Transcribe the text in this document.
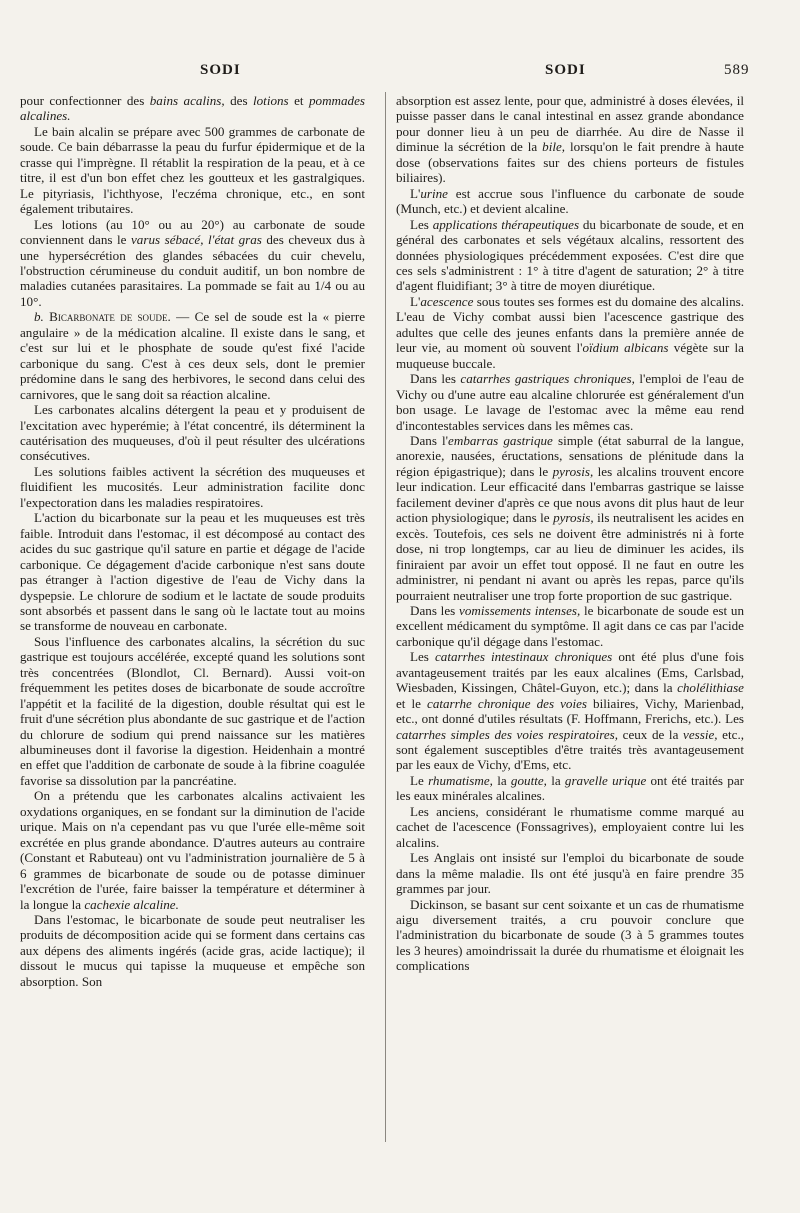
SODI	SODI	589

pour confectionner des bains acalins, des lotions et pommades alcalines.

Le bain alcalin se prépare avec 500 grammes de carbonate de soude. Ce bain débarrasse la peau du furfur épidermique et de la crasse qui l'imprègne. Il rétablit la respiration de la peau, et à ce titre, il est d'un bon effet chez les goutteux et les gastralgiques. Le pityriasis, l'ichthyose, l'eczéma chronique, etc., en sont également tributaires.

Les lotions (au 10° ou au 20°) au carbonate de soude conviennent dans le varus sébacé, l'état gras des cheveux dus à une hypersécrétion des glandes sébacées du cuir chevelu, l'obstruction cérumineuse du conduit auditif, un bon nombre de maladies cutanées parasitaires. La pommade se fait au 1/4 ou au 10°.

b. Bicarbonate de soude. — Ce sel de soude est la « pierre angulaire » de la médication alcaline. Il existe dans le sang, et c'est sur lui et le phosphate de soude qu'est fixé l'acide carbonique du sang. C'est à ces deux sels, dont le premier prédomine dans le sang des herbivores, le second dans celui des carnivores, que le sang doit sa réaction alcaline.

Les carbonates alcalins détergent la peau et y produisent de l'excitation avec hyperémie; à l'état concentré, ils déterminent la cautérisation des muqueuses, d'où il peut résulter des ulcérations consécutives.

Les solutions faibles activent la sécrétion des muqueuses et fluidifient les mucosités. Leur administration facilite donc l'expectoration dans les maladies respiratoires.

L'action du bicarbonate sur la peau et les muqueuses est très faible. Introduit dans l'estomac, il est décomposé au contact des acides du suc gastrique qu'il sature en partie et dégage de l'acide carbonique. Ce dégagement d'acide carbonique n'est sans doute pas étranger à l'action digestive de l'eau de Vichy dans la dyspepsie. Le chlorure de sodium et le lactate de soude produits sont absorbés et passent dans le sang où le lactate tout au moins se transforme de nouveau en carbonate.

Sous l'influence des carbonates alcalins, la sécrétion du suc gastrique est toujours accélérée, excepté quand les solutions sont très concentrées (Blondlot, Cl. Bernard). Aussi voit-on fréquemment les petites doses de bicarbonate de soude accroître l'appétit et la facilité de la digestion, double résultat qui est le fruit d'une sécrétion plus abondante de suc gastrique et de l'action du chlorure de sodium qui prend naissance sur les matières albumineuses dont il favorise la digestion. Heidenhain a montré en effet que l'addition de carbonate de soude à la fibrine coagulée favorise sa dissolution par la pancréatine.

On a prétendu que les carbonates alcalins activaient les oxydations organiques, en se fondant sur la diminution de l'acide urique. Mais on n'a cependant pas vu que l'urée elle-même soit excrétée en plus grande abondance. D'autres auteurs au contraire (Constant et Rabuteau) ont vu l'administration journalière de 5 à 6 grammes de bicarbonate de soude ou de potasse diminuer l'excrétion de l'urée, faire baisser la température et déterminer à la longue la cachexie alcaline.

Dans l'estomac, le bicarbonate de soude peut neutraliser les produits de décomposition acide qui se forment dans certains cas aux dépens des aliments ingérés (acide gras, acide lactique); il dissout le mucus qui tapisse la muqueuse et empêche son absorption. Son

absorption est assez lente, pour que, administré à doses élevées, il puisse passer dans le canal intestinal en assez grande abondance pour donner lieu à un peu de diarrhée. Au dire de Nasse il diminue la sécrétion de la bile, lorsqu'on le fait prendre à haute dose (observations faites sur des chiens porteurs de fistules biliaires).

L'urine est accrue sous l'influence du carbonate de soude (Munch, etc.) et devient alcaline.

Les applications thérapeutiques du bicarbonate de soude, et en général des carbonates et sels végétaux alcalins, ressortent des données physiologiques précédemment exposées. C'est dire que ces sels s'administrent : 1° à titre d'agent de saturation; 2° à titre d'agent fluidifiant; 3° à titre de moyen diurétique.

L'acescence sous toutes ses formes est du domaine des alcalins. L'eau de Vichy combat aussi bien l'acescence gastrique des adultes que celle des jeunes enfants dans la première année de leur vie, au moment où souvent l'oïdium albicans végète sur la muqueuse buccale.

Dans les catarrhes gastriques chroniques, l'emploi de l'eau de Vichy ou d'une autre eau alcaline chlorurée est généralement d'un bon usage. Le lavage de l'estomac avec la même eau rend d'incontestables services dans les mêmes cas.

Dans l'embarras gastrique simple (état saburral de la langue, anorexie, nausées, éructations, sensations de plénitude dans la région épigastrique); dans le pyrosis, les alcalins trouvent encore leur indication. Leur efficacité dans l'embarras gastrique se laisse facilement deviner d'après ce que nous avons dit plus haut de leur action physiologique; dans le pyrosis, ils neutralisent les acides en excès. Toutefois, ces sels ne doivent être administrés ni à forte dose, ni trop longtemps, car au lieu de diminuer les acides, ils finiraient par avoir un effet tout opposé. Il ne faut en outre les administrer, ni pendant ni avant ou après les repas, parce qu'ils pourraient neutraliser une trop forte proportion de suc gastrique.

Dans les vomissements intenses, le bicarbonate de soude est un excellent médicament du symptôme. Il agit dans ce cas par l'acide carbonique qu'il dégage dans l'estomac.

Les catarrhes intestinaux chroniques ont été plus d'une fois avantageusement traités par les eaux alcalines (Ems, Carlsbad, Wiesbaden, Kissingen, Châtel-Guyon, etc.); dans la cholélithiase et le catarrhe chronique des voies biliaires, Vichy, Marienbad, etc., ont donné d'utiles résultats (F. Hoffmann, Frerichs, etc.). Les catarrhes simples des voies respiratoires, ceux de la vessie, etc., sont également susceptibles d'être traités très avantageusement par les eaux de Vichy, d'Ems, etc.

Le rhumatisme, la goutte, la gravelle urique ont été traités par les eaux minérales alcalines.

Les anciens, considérant le rhumatisme comme marqué au cachet de l'acescence (Fonssagrives), employaient contre lui les alcalins.

Les Anglais ont insisté sur l'emploi du bicarbonate de soude dans la même maladie. Ils ont été jusqu'à en faire prendre 35 grammes par jour.

Dickinson, se basant sur cent soixante et un cas de rhumatisme aigu diversement traités, a cru pouvoir conclure que l'administration du bicarbonate de soude (3 à 5 grammes toutes les 3 heures) amoindrissait la durée du rhumatisme et éloignait les complications
